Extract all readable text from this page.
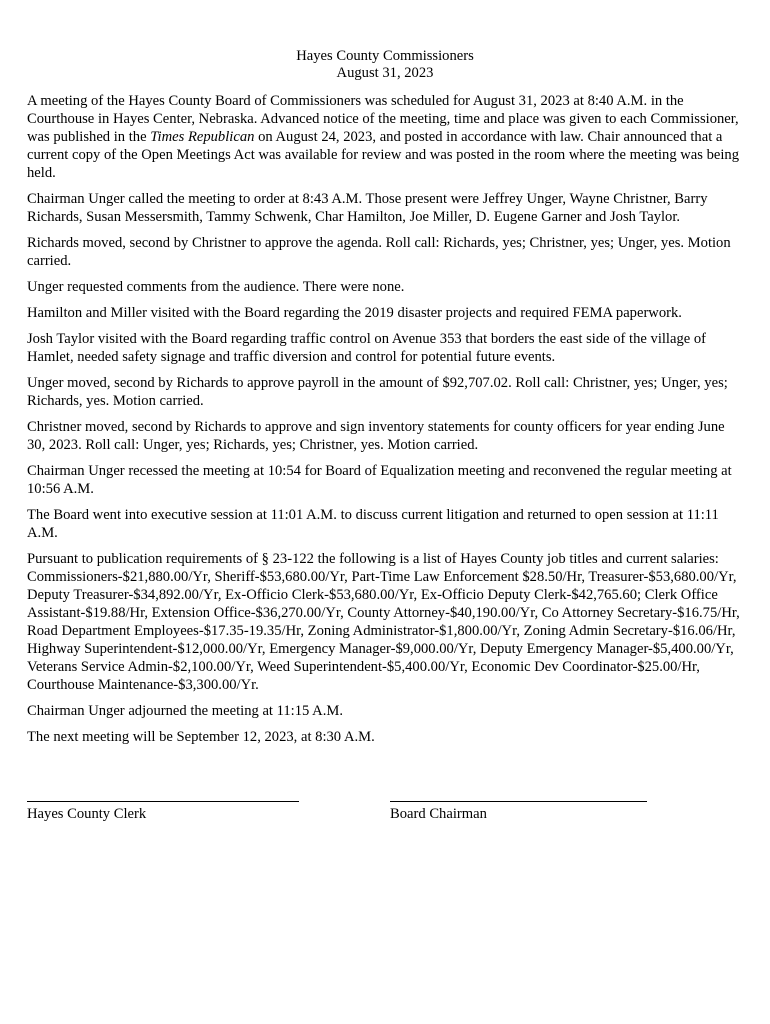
Hayes County Commissioners
August 31, 2023

A meeting of the Hayes County Board of Commissioners was scheduled for August 31, 2023 at 8:40 A.M. in the Courthouse in Hayes Center, Nebraska. Advanced notice of the meeting, time and place was given to each Commissioner, was published in the Times Republican on August 24, 2023, and posted in accordance with law. Chair announced that a current copy of the Open Meetings Act was available for review and was posted in the room where the meeting was being held.

Chairman Unger called the meeting to order at 8:43 A.M. Those present were Jeffrey Unger, Wayne Christner, Barry Richards, Susan Messersmith, Tammy Schwenk, Char Hamilton, Joe Miller, D. Eugene Garner and Josh Taylor.

Richards moved, second by Christner to approve the agenda. Roll call: Richards, yes; Christner, yes; Unger, yes. Motion carried.

Unger requested comments from the audience. There were none.

Hamilton and Miller visited with the Board regarding the 2019 disaster projects and required FEMA paperwork.

Josh Taylor visited with the Board regarding traffic control on Avenue 353 that borders the east side of the village of Hamlet, needed safety signage and traffic diversion and control for potential future events.

Unger moved, second by Richards to approve payroll in the amount of $92,707.02. Roll call: Christner, yes; Unger, yes; Richards, yes. Motion carried.

Christner moved, second by Richards to approve and sign inventory statements for county officers for year ending June 30, 2023. Roll call: Unger, yes; Richards, yes; Christner, yes. Motion carried.

Chairman Unger recessed the meeting at 10:54 for Board of Equalization meeting and reconvened the regular meeting at 10:56 A.M.

The Board went into executive session at 11:01 A.M. to discuss current litigation and returned to open session at 11:11 A.M.

Pursuant to publication requirements of § 23-122 the following is a list of Hayes County job titles and current salaries: Commissioners-$21,880.00/Yr, Sheriff-$53,680.00/Yr, Part-Time Law Enforcement $28.50/Hr, Treasurer-$53,680.00/Yr, Deputy Treasurer-$34,892.00/Yr, Ex-Officio Clerk-$53,680.00/Yr, Ex-Officio Deputy Clerk-$42,765.60; Clerk Office Assistant-$19.88/Hr, Extension Office-$36,270.00/Yr, County Attorney-$40,190.00/Yr, Co Attorney Secretary-$16.75/Hr, Road Department Employees-$17.35-19.35/Hr, Zoning Administrator-$1,800.00/Yr, Zoning Admin Secretary-$16.06/Hr, Highway Superintendent-$12,000.00/Yr, Emergency Manager-$9,000.00/Yr, Deputy Emergency Manager-$5,400.00/Yr, Veterans Service Admin-$2,100.00/Yr, Weed Superintendent-$5,400.00/Yr, Economic Dev Coordinator-$25.00/Hr, Courthouse Maintenance-$3,300.00/Yr.

Chairman Unger adjourned the meeting at 11:15 A.M.

The next meeting will be September 12, 2023, at 8:30 A.M.

Hayes County Clerk	Board Chairman
